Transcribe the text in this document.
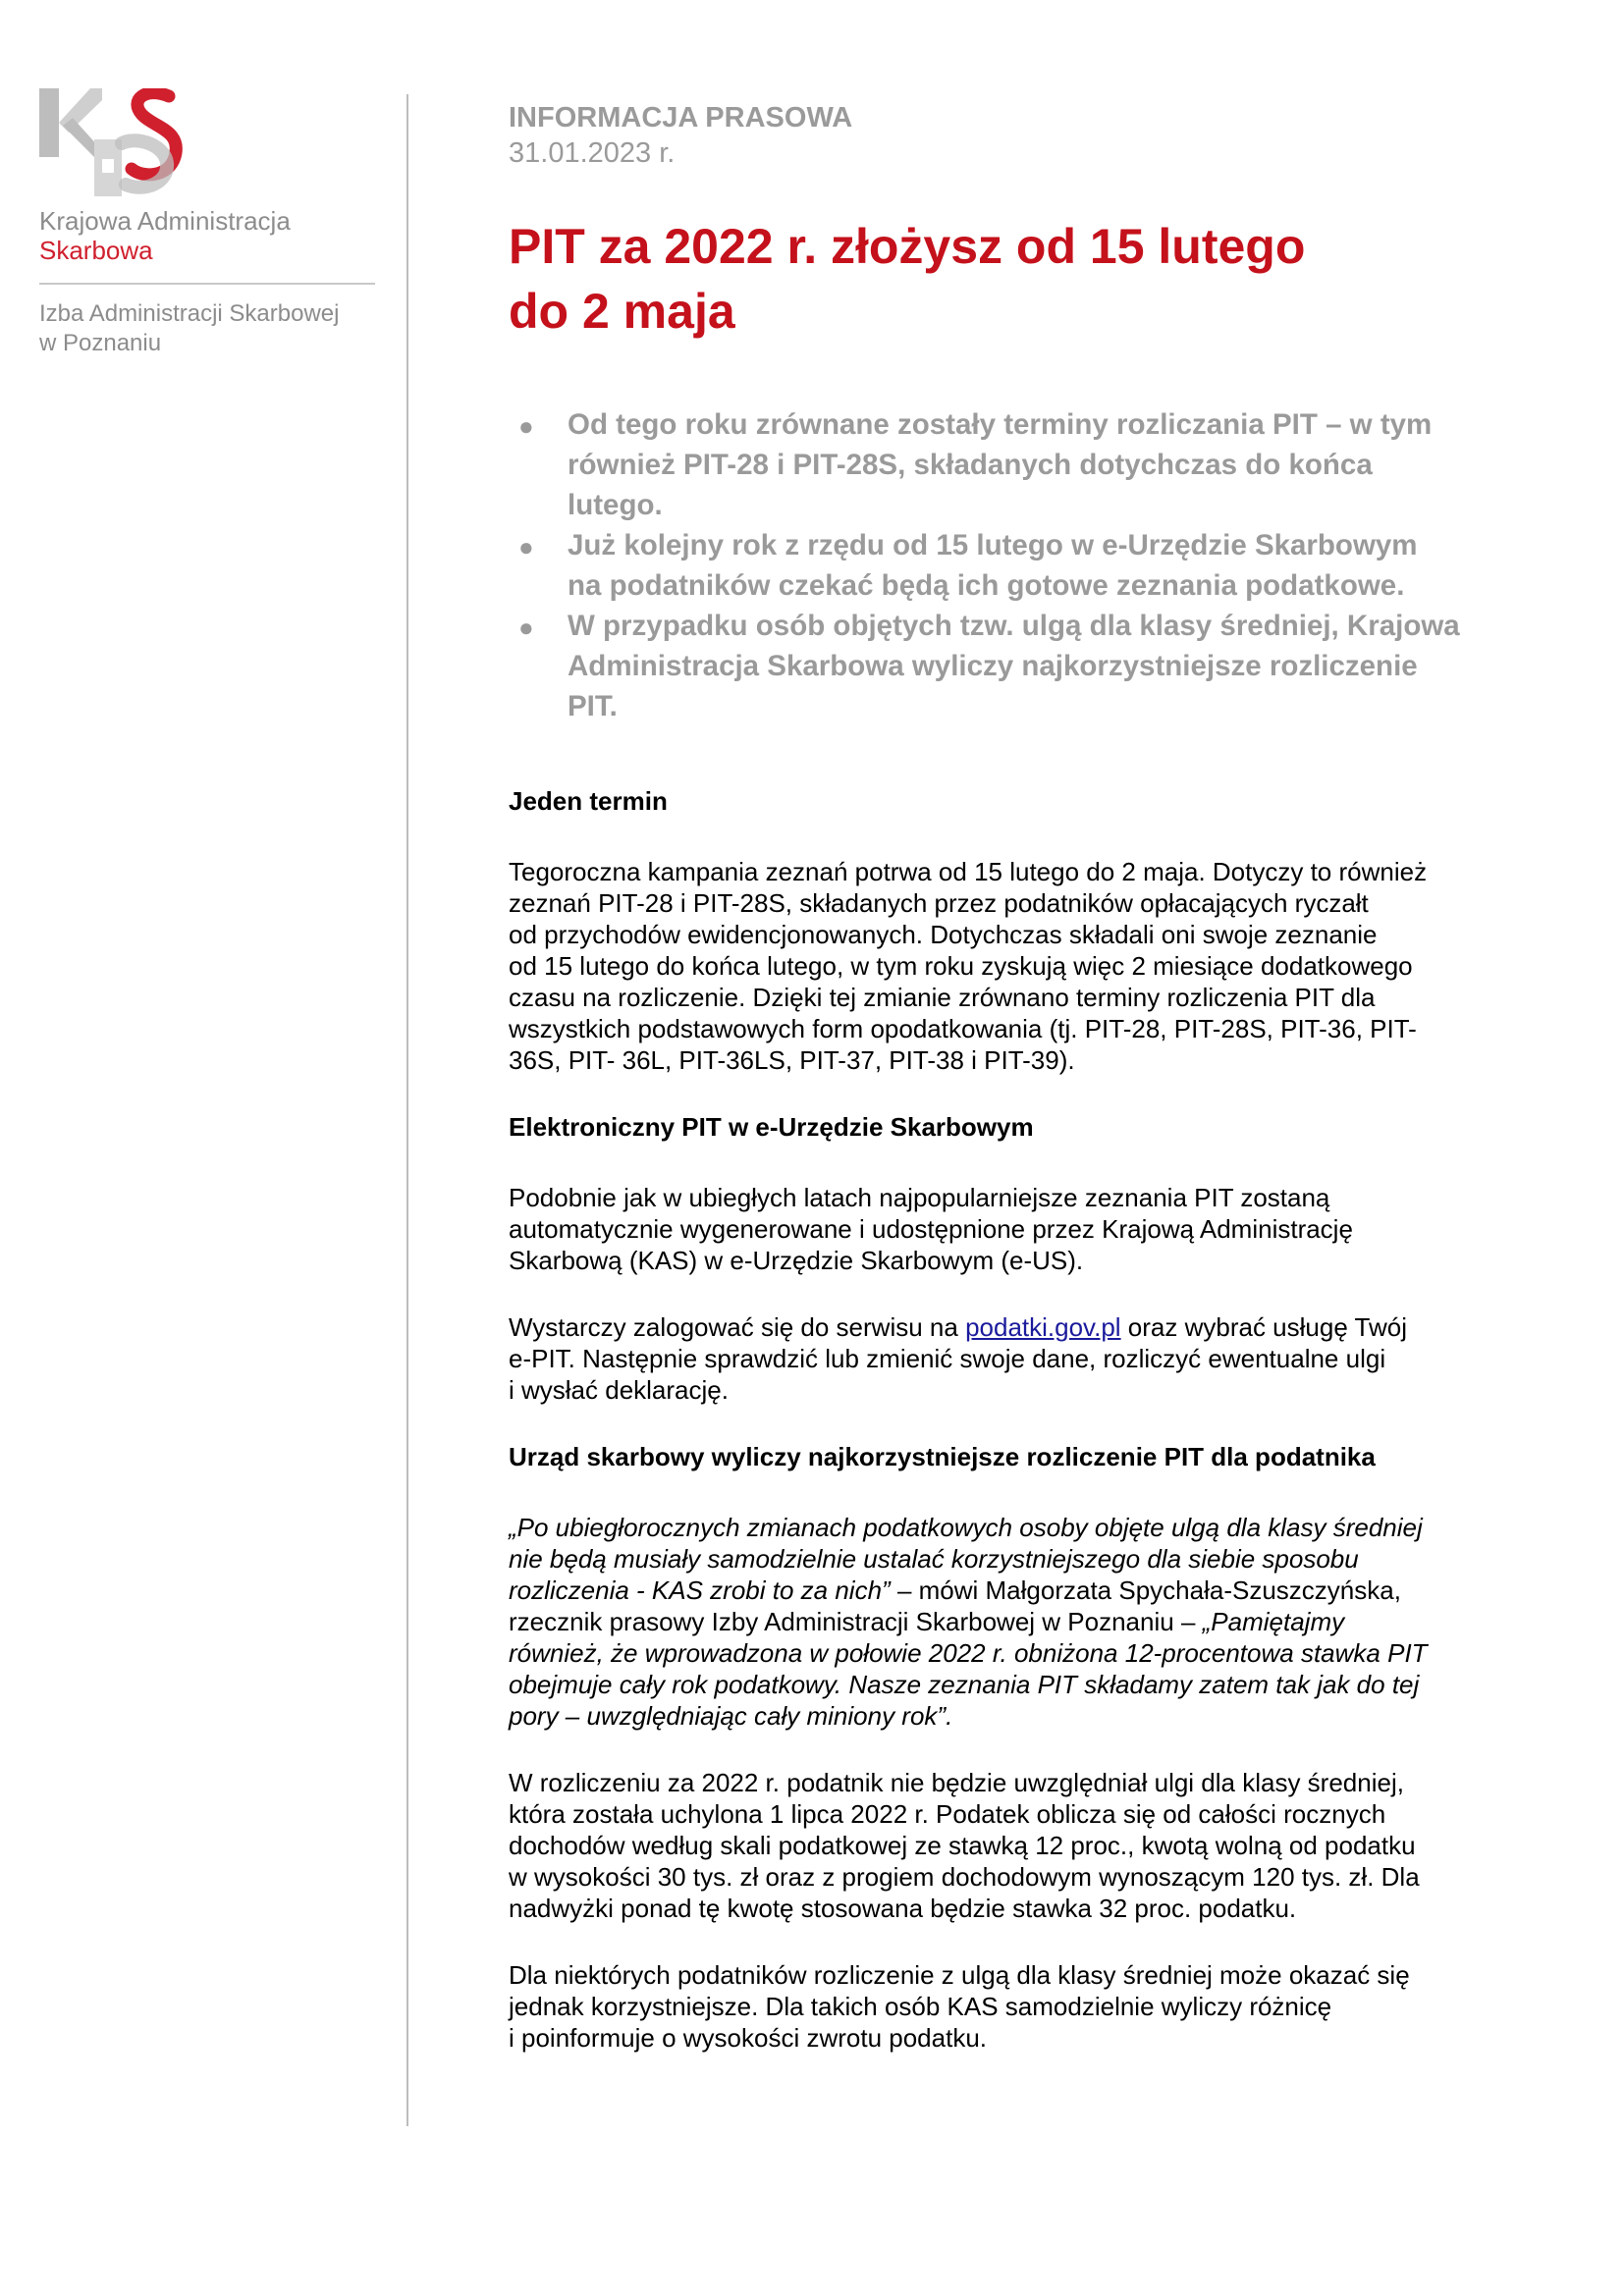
Krajowa Administracja
Skarbowa
Izba Administracji Skarbowej
w Poznaniu
INFORMACJA PRASOWA
31.01.2023 r.
PIT za 2022 r. złożysz od 15 lutego
do 2 maja
● Od tego roku zrównane zostały terminy rozliczania PIT – w tym
również PIT-28 i PIT-28S, składanych dotychczas do końca
lutego.
● Już kolejny rok z rzędu od 15 lutego w e-Urzędzie Skarbowym
na podatników czekać będą ich gotowe zeznania podatkowe.
● W przypadku osób objętych tzw. ulgą dla klasy średniej, Krajowa
Administracja Skarbowa wyliczy najkorzystniejsze rozliczenie
PIT.
Jeden termin
Tegoroczna kampania zeznań potrwa od 15 lutego do 2 maja. Dotyczy to również
zeznań PIT-28 i PIT-28S, składanych przez podatników opłacających ryczałt
od przychodów ewidencjonowanych. Dotychczas składali oni swoje zeznanie
od 15 lutego do końca lutego, w tym roku zyskują więc 2 miesiące dodatkowego
czasu na rozliczenie. Dzięki tej zmianie zrównano terminy rozliczenia PIT dla
wszystkich podstawowych form opodatkowania (tj. PIT-28, PIT-28S, PIT-36, PIT-
36S, PIT- 36L, PIT-36LS, PIT-37, PIT-38 i PIT-39).
Elektroniczny PIT w e-Urzędzie Skarbowym
Podobnie jak w ubiegłych latach najpopularniejsze zeznania PIT zostaną
automatycznie wygenerowane i udostępnione przez Krajową Administrację
Skarbową (KAS) w e-Urzędzie Skarbowym (e-US).
Wystarczy zalogować się do serwisu na podatki.gov.pl oraz wybrać usługę Twój
e-PIT. Następnie sprawdzić lub zmienić swoje dane, rozliczyć ewentualne ulgi
i wysłać deklarację.
Urząd skarbowy wyliczy najkorzystniejsze rozliczenie PIT dla podatnika
„Po ubiegłorocznych zmianach podatkowych osoby objęte ulgą dla klasy średniej
nie będą musiały samodzielnie ustalać korzystniejszego dla siebie sposobu
rozliczenia - KAS zrobi to za nich” – mówi Małgorzata Spychała-Szuszczyńska,
rzecznik prasowy Izby Administracji Skarbowej w Poznaniu – „Pamiętajmy
również, że wprowadzona w połowie 2022 r. obniżona 12-procentowa stawka PIT
obejmuje cały rok podatkowy. Nasze zeznania PIT składamy zatem tak jak do tej
pory – uwzględniając cały miniony rok”.
W rozliczeniu za 2022 r. podatnik nie będzie uwzględniał ulgi dla klasy średniej,
która została uchylona 1 lipca 2022 r. Podatek oblicza się od całości rocznych
dochodów według skali podatkowej ze stawką 12 proc., kwotą wolną od podatku
w wysokości 30 tys. zł oraz z progiem dochodowym wynoszącym 120 tys. zł. Dla
nadwyżki ponad tę kwotę stosowana będzie stawka 32 proc. podatku.
Dla niektórych podatników rozliczenie z ulgą dla klasy średniej może okazać się
jednak korzystniejsze. Dla takich osób KAS samodzielnie wyliczy różnicę
i poinformuje o wysokości zwrotu podatku.
